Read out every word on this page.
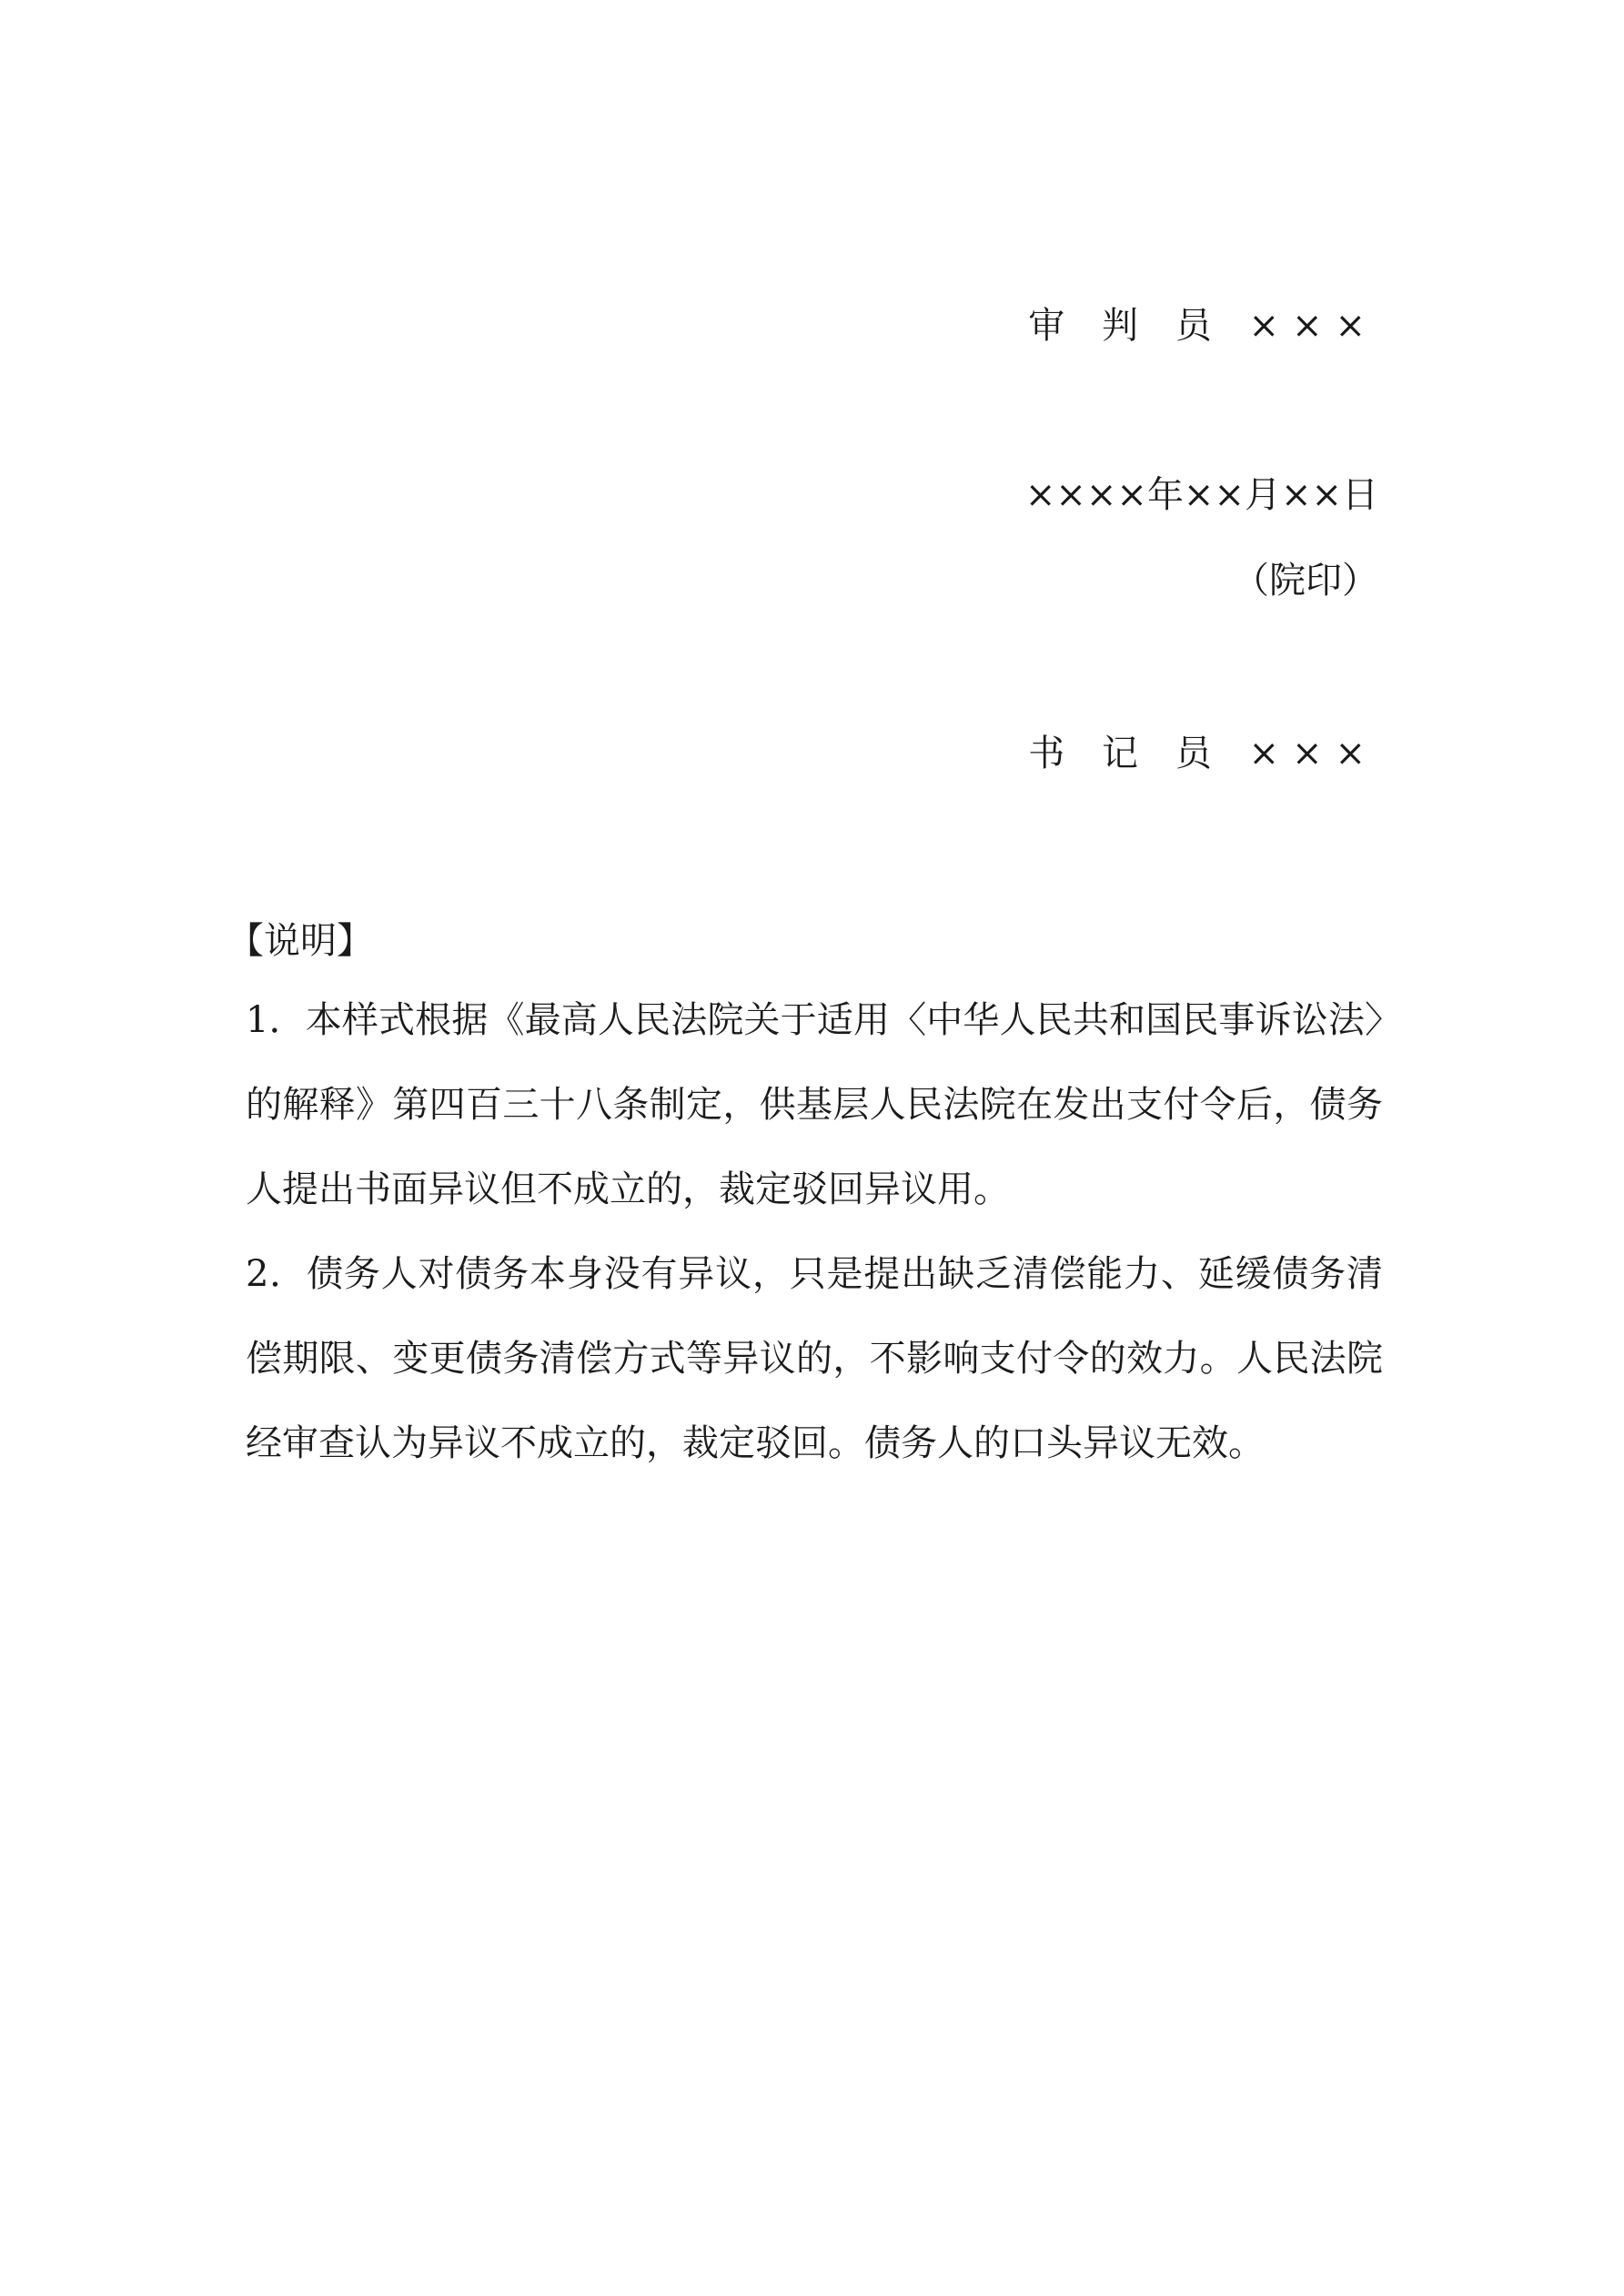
审 判 员 ×××
××××年××月××日
（院印）
书 记 员 ×××
【说明】

1．本样式根据《最高人民法院关于适用〈中华人民共和国民事诉讼法〉的解释》第四百三十八条制定，供基层人民法院在发出支付令后，债务人提出书面异议但不成立的，裁定驳回异议用。

2．债务人对债务本身没有异议，只是提出缺乏清偿能力、延缓债务清偿期限、变更债务清偿方式等异议的，不影响支付令的效力。人民法院经审查认为异议不成立的，裁定驳回。债务人的口头异议无效。
